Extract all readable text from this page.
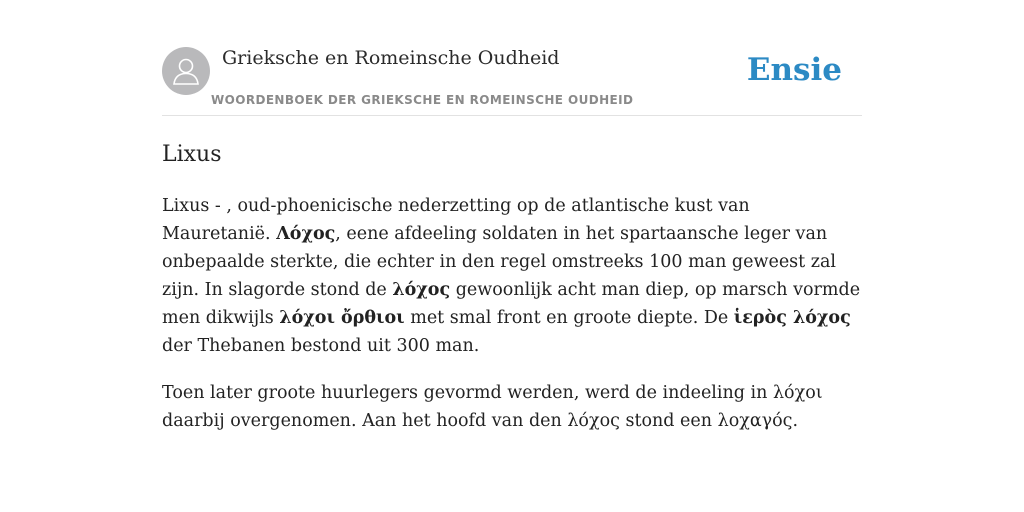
Grieksche en Romeinsche Oudheid
WOORDENBOEK DER GRIEKSCHE EN ROMEINSCHE OUDHEID
Ensie
Lixus

Lixus - , oud-phoenicische nederzetting op de atlantische kust van Mauretanië. Λόχος, eene afdeeling soldaten in het spartaansche leger van onbepaalde sterkte, die echter in den regel omstreeks 100 man geweest zal zijn. In slagorde stond de λόχος gewoonlijk acht man diep, op marsch vormde men dikwijls λόχοι ὄρθιοι met smal front en groote diepte. De ἱερὸς λόχος der Thebanen bestond uit 300 man.

Toen later groote huurlegers gevormd werden, werd de indeeling in λόχοι daarbij overgenomen. Aan het hoofd van den λόχος stond een λοχαγός.
